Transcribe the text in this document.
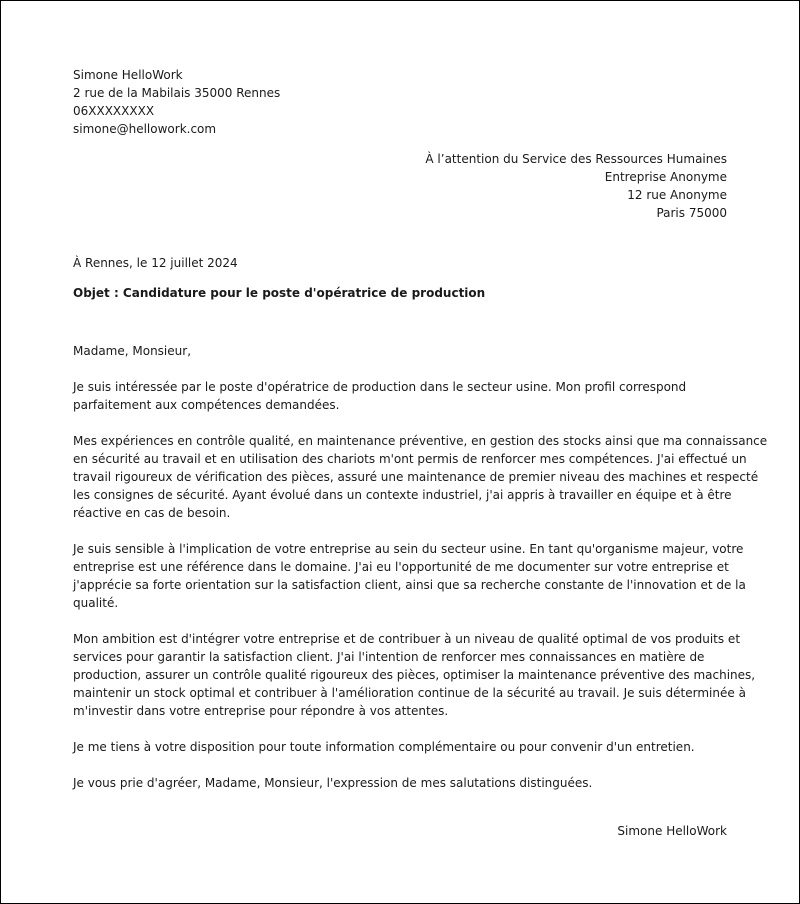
Simone HelloWork
2 rue de la Mabilais 35000 Rennes
06XXXXXXXX
simone@hellowork.com
À l’attention du Service des Ressources Humaines
Entreprise Anonyme
12 rue Anonyme
Paris 75000
À Rennes, le 12 juillet 2024
Objet : Candidature pour le poste d'opératrice de production

Madame, Monsieur,

Je suis intéressée par le poste d'opératrice de production dans le secteur usine. Mon profil correspond

parfaitement aux compétences demandées.

Mes expériences en contrôle qualité, en maintenance préventive, en gestion des stocks ainsi que ma connaissance

en sécurité au travail et en utilisation des chariots m'ont permis de renforcer mes compétences. J'ai effectué un

travail rigoureux de vérification des pièces, assuré une maintenance de premier niveau des machines et respecté

les consignes de sécurité. Ayant évolué dans un contexte industriel, j'ai appris à travailler en équipe et à être

réactive en cas de besoin.

Je suis sensible à l'implication de votre entreprise au sein du secteur usine. En tant qu'organisme majeur, votre

entreprise est une référence dans le domaine. J'ai eu l'opportunité de me documenter sur votre entreprise et

j'apprécie sa forte orientation sur la satisfaction client, ainsi que sa recherche constante de l'innovation et de la

qualité.

Mon ambition est d'intégrer votre entreprise et de contribuer à un niveau de qualité optimal de vos produits et

services pour garantir la satisfaction client. J'ai l'intention de renforcer mes connaissances en matière de

production, assurer un contrôle qualité rigoureux des pièces, optimiser la maintenance préventive des machines,

maintenir un stock optimal et contribuer à l'amélioration continue de la sécurité au travail. Je suis déterminée à

m'investir dans votre entreprise pour répondre à vos attentes.

Je me tiens à votre disposition pour toute information complémentaire ou pour convenir d'un entretien.

Je vous prie d'agréer, Madame, Monsieur, l'expression de mes salutations distinguées.

Simone HelloWork
